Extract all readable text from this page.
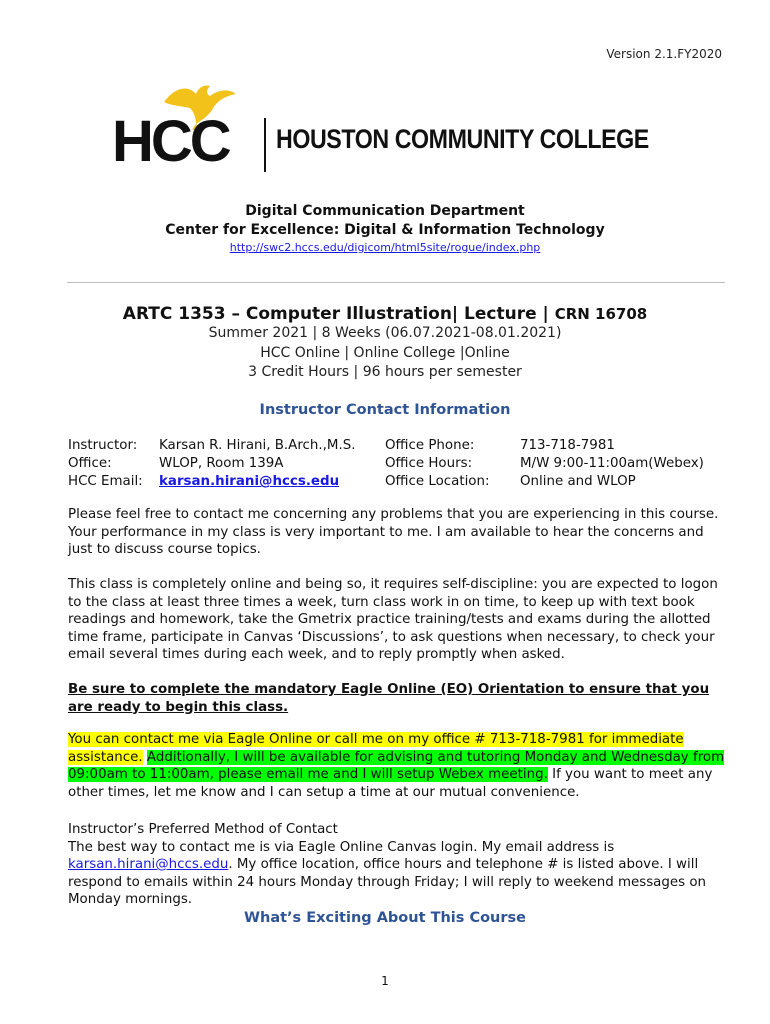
Version 2.1.FY2020
HCC HOUSTON COMMUNITY COLLEGE
Digital Communication Department
Center for Excellence: Digital & Information Technology
http://swc2.hccs.edu/digicom/html5site/rogue/index.php
ARTC 1353 – Computer Illustration| Lecture | CRN 16708
Summer 2021 | 8 Weeks (06.07.2021-08.01.2021)
HCC Online | Online College |Online
3 Credit Hours | 96 hours per semester
Instructor Contact Information
Instructor:
Office:
HCC Email:
Karsan R. Hirani, B.Arch.,M.S.
WLOP, Room 139A
karsan.hirani@hccs.edu
Office Phone:
Office Hours:
Office Location:
713-718-7981
M/W 9:00-11:00am(Webex)
Online and WLOP
Please feel free to contact me concerning any problems that you are experiencing in this course. Your performance in my class is very important to me. I am available to hear the concerns and just to discuss course topics.
This class is completely online and being so, it requires self-discipline: you are expected to logon to the class at least three times a week, turn class work in on time, to keep up with text book readings and homework, take the Gmetrix practice training/tests and exams during the allotted time frame, participate in Canvas ‘Discussions’, to ask questions when necessary, to check your email several times during each week, and to reply promptly when asked.
Be sure to complete the mandatory Eagle Online (EO) Orientation to ensure that you are ready to begin this class.
You can contact me via Eagle Online or call me on my office # 713-718-7981 for immediate assistance. Additionally, I will be available for advising and tutoring Monday and Wednesday from 09:00am to 11:00am, please email me and I will setup Webex meeting. If you want to meet any other times, let me know and I can setup a time at our mutual convenience.
Instructor’s Preferred Method of Contact
The best way to contact me is via Eagle Online Canvas login. My email address is karsan.hirani@hccs.edu. My office location, office hours and telephone # is listed above. I will respond to emails within 24 hours Monday through Friday; I will reply to weekend messages on Monday mornings.
What’s Exciting About This Course
1
